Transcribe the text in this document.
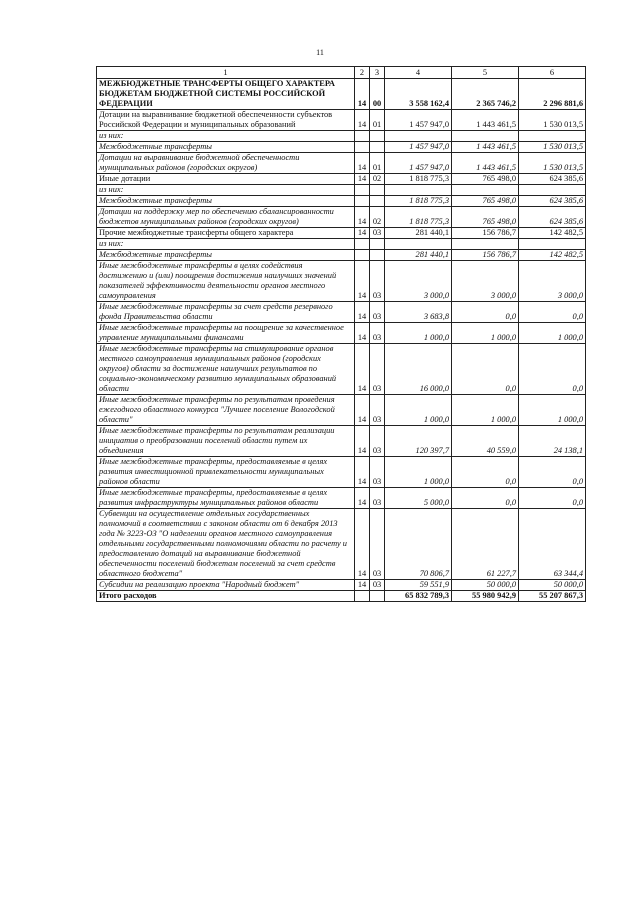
11
1	2	3	4	5	6
МЕЖБЮДЖЕТНЫЕ ТРАНСФЕРТЫ ОБЩЕГО ХАРАКТЕРА БЮДЖЕТАМ БЮДЖЕТНОЙ СИСТЕМЫ РОССИЙСКОЙ ФЕДЕРАЦИИ	14	00	3 558 162,4	2 365 746,2	2 296 881,6
Дотации на выравнивание бюджетной обеспеченности субъектов Российской Федерации и муниципальных образований	14	01	1 457 947,0	1 443 461,5	1 530 013,5
из них:					
Межбюджетные трансферты			1 457 947,0	1 443 461,5	1 530 013,5
Дотации на выравнивание бюджетной обеспеченности муниципальных районов (городских округов)	14	01	1 457 947,0	1 443 461,5	1 530 013,5
Иные дотации	14	02	1 818 775,3	765 498,0	624 385,6
из них:					
Межбюджетные трансферты			1 818 775,3	765 498,0	624 385,6
Дотации на поддержку мер по обеспечению сбалансированности бюджетов муниципальных районов (городских округов)	14	02	1 818 775,3	765 498,0	624 385,6
Прочие межбюджетные трансферты общего характера	14	03	281 440,1	156 786,7	142 482,5
из них:					
Межбюджетные трансферты			281 440,1	156 786,7	142 482,5
Иные межбюджетные трансферты в целях содействия достижению и (или) поощрения достижения наилучших значений показателей эффективности деятельности органов местного самоуправления	14	03	3 000,0	3 000,0	3 000,0
Иные межбюджетные трансферты за счет средств резервного фонда Правительства области	14	03	3 683,8	0,0	0,0
Иные межбюджетные трансферты на поощрение за качественное управление муниципальными финансами	14	03	1 000,0	1 000,0	1 000,0
Иные межбюджетные трансферты на стимулирование органов местного самоуправления муниципальных районов (городских округов) области за достижение наилучших результатов по социально-экономическому развитию муниципальных образований области	14	03	16 000,0	0,0	0,0
Иные межбюджетные трансферты по результатам проведения ежегодного областного конкурса "Лучшее поселение Вологодской области"	14	03	1 000,0	1 000,0	1 000,0
Иные межбюджетные трансферты по результатам реализации инициатив о преобразовании поселений области путем их объединения	14	03	120 397,7	40 559,0	24 138,1
Иные межбюджетные трансферты, предоставляемые в целях развития инвестиционной привлекательности муниципальных районов области	14	03	1 000,0	0,0	0,0
Иные межбюджетные трансферты, предоставляемые в целях развития инфраструктуры муниципальных районов области	14	03	5 000,0	0,0	0,0
Субвенции на осуществление отдельных государственных полномочий в соответствии с законом области от 6 декабря 2013 года № 3223-ОЗ "О наделении органов местного самоуправления отдельными государственными полномочиями области по расчету и предоставлению дотаций на выравнивание бюджетной обеспеченности поселений бюджетам поселений за счет средств областного бюджета"	14	03	70 806,7	61 227,7	63 344,4
Субсидии на реализацию проекта "Народный бюджет"	14	03	59 551,9	50 000,0	50 000,0
Итого расходов			65 832 789,3	55 980 942,9	55 207 867,3
